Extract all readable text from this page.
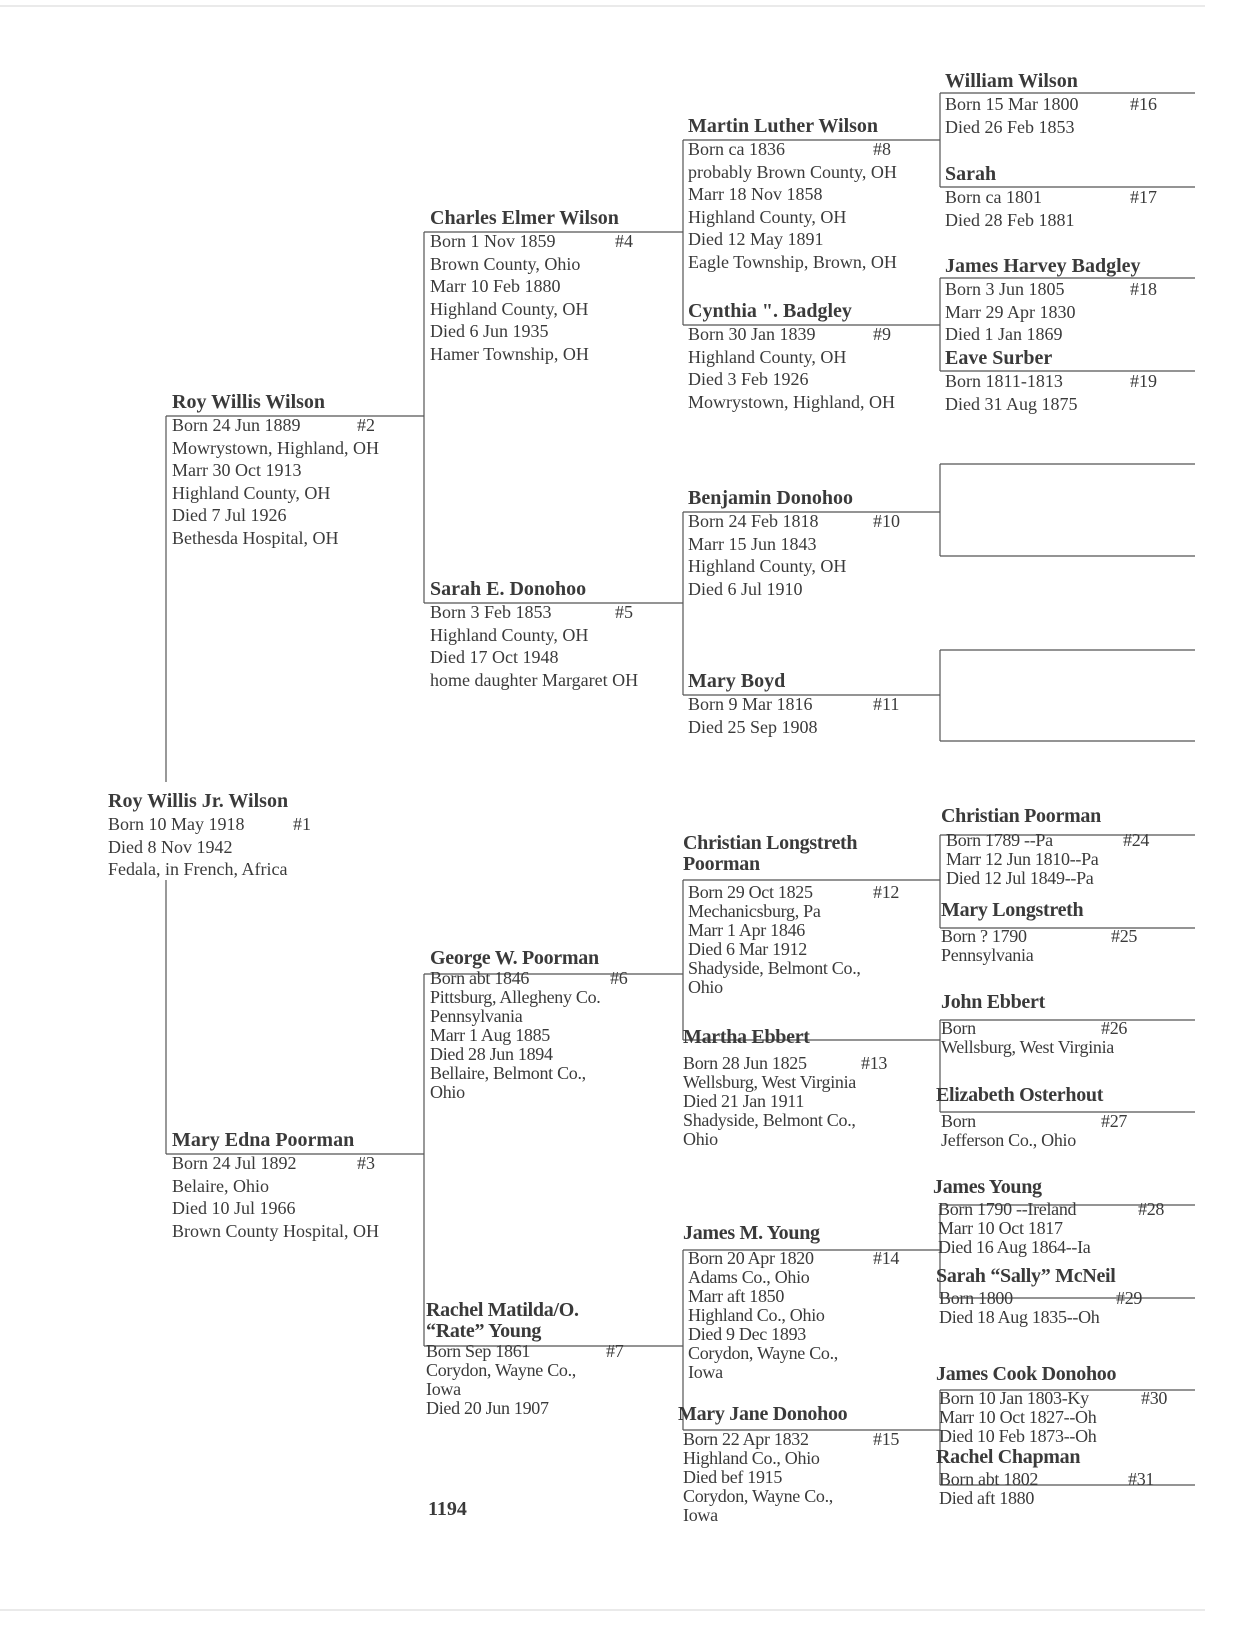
Roy Willis Jr. Wilson
Born 10 May 1918	#1
Died 8 Nov 1942
Fedala, in French, Africa
Roy Willis Wilson
Born 24 Jun 1889	#2
Mowrystown, Highland, OH
Marr 30 Oct 1913
Highland County, OH
Died 7 Jul 1926
Bethesda Hospital, OH
Mary Edna Poorman
Born 24 Jul 1892	#3
Belaire, Ohio
Died 10 Jul 1966
Brown County Hospital, OH
Charles Elmer Wilson
Born 1 Nov 1859	#4
Brown County, Ohio
Marr 10 Feb 1880
Highland County, OH
Died 6 Jun 1935
Hamer Township, OH
Sarah E. Donohoo
Born 3 Feb 1853	#5
Highland County, OH
Died 17 Oct 1948
home daughter Margaret OH
George W. Poorman
Born abt 1846	#6
Pittsburg, Allegheny Co.
Pennsylvania
Marr 1 Aug 1885
Died 28 Jun 1894
Bellaire, Belmont Co.,
Ohio
Rachel Matilda/O.
“Rate” Young
Born Sep 1861	#7
Corydon, Wayne Co.,
Iowa
Died 20 Jun 1907
Martin Luther Wilson
Born ca 1836	#8
probably Brown County, OH
Marr 18 Nov 1858
Highland County, OH
Died 12 May 1891
Eagle Township, Brown, OH
Cynthia ". Badgley
Born 30 Jan 1839	#9
Highland County, OH
Died 3 Feb 1926
Mowrystown, Highland, OH
Benjamin Donohoo
Born 24 Feb 1818	#10
Marr 15 Jun 1843
Highland County, OH
Died 6 Jul 1910
Mary Boyd
Born 9 Mar 1816	#11
Died 25 Sep 1908
Christian Longstreth
Poorman
Born 29 Oct 1825	#12
Mechanicsburg, Pa
Marr 1 Apr 1846
Died 6 Mar 1912
Shadyside, Belmont Co.,
Ohio
Martha Ebbert
Born 28 Jun 1825	#13
Wellsburg, West Virginia
Died 21 Jan 1911
Shadyside, Belmont Co.,
Ohio
James M. Young
Born 20 Apr 1820	#14
Adams Co., Ohio
Marr aft 1850
Highland Co., Ohio
Died 9 Dec 1893
Corydon, Wayne Co.,
Iowa
Mary Jane Donohoo
Born 22 Apr 1832	#15
Highland Co., Ohio
Died bef 1915
Corydon, Wayne Co.,
Iowa
William Wilson
Born 15 Mar 1800	#16
Died 26 Feb 1853
Sarah
Born ca 1801	#17
Died 28 Feb 1881
James Harvey Badgley
Born 3 Jun 1805	#18
Marr 29 Apr 1830
Died 1 Jan 1869
Eave Surber
Born 1811-1813	#19
Died 31 Aug 1875
Christian Poorman
Born 1789 --Pa	#24
Marr 12 Jun 1810--Pa
Died 12 Jul 1849--Pa
Mary Longstreth
Born ? 1790	#25
Pennsylvania
John Ebbert
Born	#26
Wellsburg, West Virginia
Elizabeth Osterhout
Born	#27
Jefferson Co., Ohio
James Young
Born 1790 --Ireland	#28
Marr 10 Oct 1817
Died 16 Aug 1864--Ia
Sarah “Sally” McNeil
Born 1800	#29
Died 18 Aug 1835--Oh
James Cook Donohoo
Born 10 Jan 1803-Ky	#30
Marr 10 Oct 1827--Oh
Died 10 Feb 1873--Oh
Rachel Chapman
Born abt 1802	#31
Died aft 1880
1194
